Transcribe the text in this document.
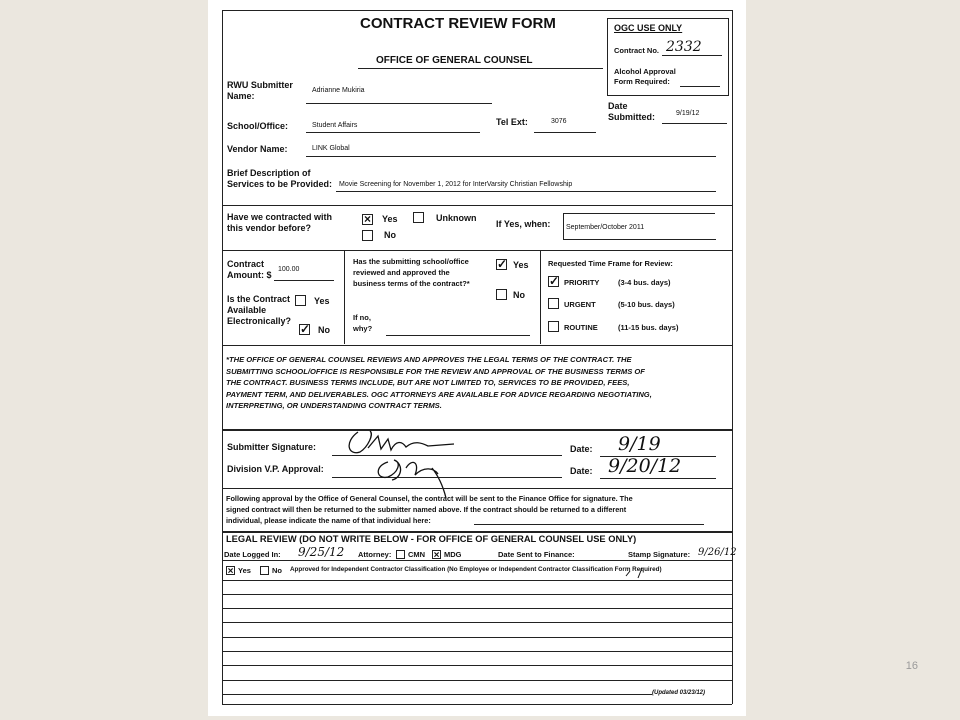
CONTRACT REVIEW FORM
OFFICE OF GENERAL COUNSEL
OGC USE ONLY
Contract No. 2332
Alcohol Approval
Form Required:
RWU Submitter
Name:
Adrianne Mukiria
Date
Submitted:	9/19/12
School/Office:	Student Affairs	Tel Ext:	3076
Vendor Name:	LINK Global
Brief Description of
Services to be Provided: Movie Screening for November 1, 2012 for InterVarsity Christian Fellowship
Have we contracted with
this vendor before?
× Yes	Unknown
No
If Yes, when: September/October 2011
Contract
Amount: $
100.00
Is the Contract
Available
Electronically?
Yes
✓ No
Has the submitting school/office
reviewed and approved the
business terms of the contract?*
✓ Yes
No
If no,
why?
Requested Time Frame for Review:
✓ PRIORITY (3-4 bus. days)
URGENT	(5-10 bus. days)
ROUTINE	(11-15 bus. days)
*THE OFFICE OF GENERAL COUNSEL REVIEWS AND APPROVES THE LEGAL TERMS OF THE CONTRACT. THE
SUBMITTING SCHOOL/OFFICE IS RESPONSIBLE FOR THE REVIEW AND APPROVAL OF THE BUSINESS TERMS OF
THE CONTRACT. BUSINESS TERMS INCLUDE, BUT ARE NOT LIMITED TO, SERVICES TO BE PROVIDED, FEES,
PAYMENT TERM, AND DELIVERABLES. OGC ATTORNEYS ARE AVAILABLE FOR ADVICE REGARDING NEGOTIATING,
INTERPRETING, OR UNDERSTANDING CONTRACT TERMS.
Submitter Signature:
Division V.P. Approval:
Date: 9/19
Date: 9/20/12
Following approval by the Office of General Counsel, the contract will be sent to the Finance Office for signature. The
signed contract will then be returned to the submitter named above. If the contract should be returned to a different
individual, please indicate the name of that individual here:
LEGAL REVIEW (DO NOT WRITE BELOW - FOR OFFICE OF GENERAL COUNSEL USE ONLY)
Date Logged In: 9/25/12 Attorney: CMN × MDG	Date Sent to Finance:	Stamp Signature: 9/26/12
× Yes	No Approved for Independent Contractor Classification (No Employee or Independent Contractor Classification Form Required)
(Updated 03/23/12)
16
